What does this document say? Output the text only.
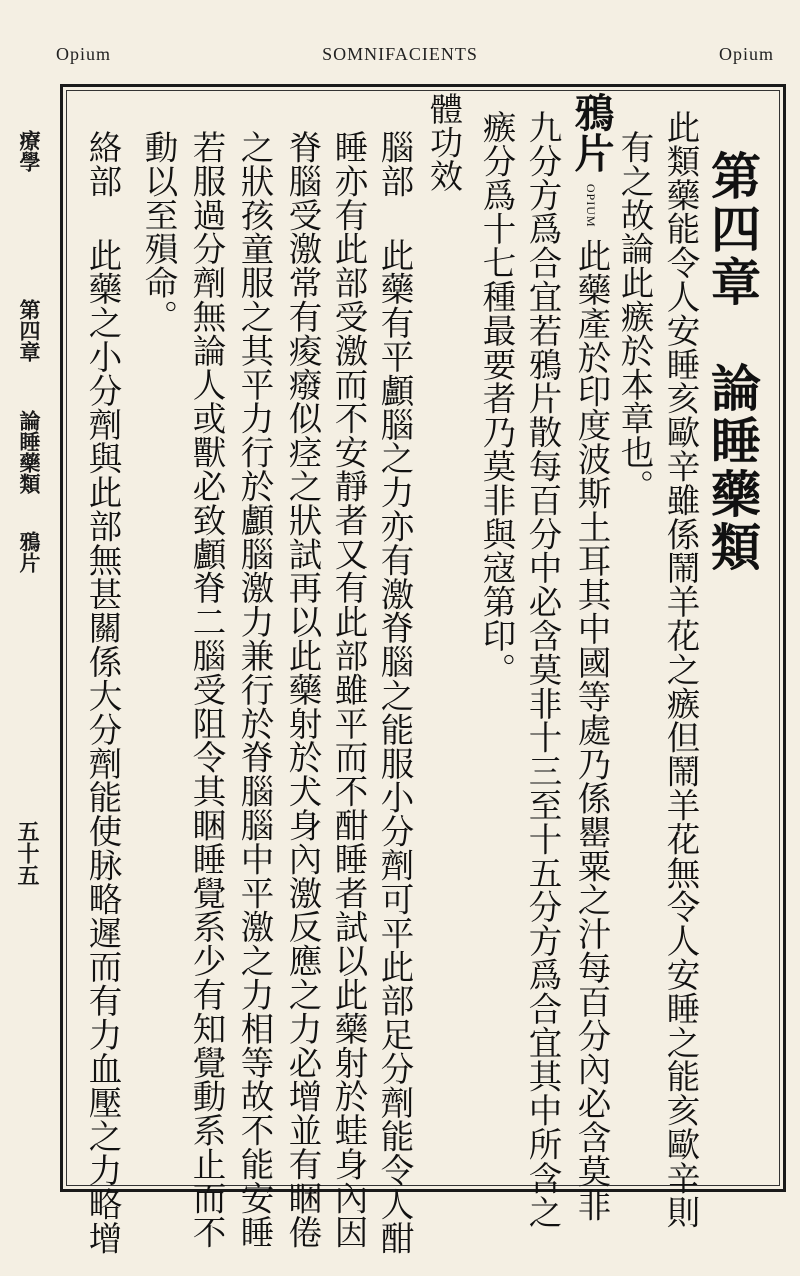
Opium	SOMNIFACIENTS	Opium
療學 第四章 論睡藥類 鴉片
五十五
第四章　論睡藥類
此類藥能令人安睡亥歐辛雖係鬧羊花之瘯但鬧羊花無令人安睡之能亥歐辛則
有之故論此瘯於本章也。
鴉片 OPIUM 此藥產於印度波斯土耳其中國等處乃係罌粟之汁每百分內必含莫非
九分方爲合宜若鴉片散每百分中必含莫非十三至十五分方爲合宜其中所含之
瘯分爲十七種最要者乃莫非與寇第印。
體功效
腦部此藥有平顱腦之力亦有激脊腦之能服小分劑可平此部足分劑能令人酣
睡亦有此部受激而不安靜者又有此部雖平而不酣睡者試以此藥射於蛙身內因
脊腦受激常有痠癈似痉之狀試再以此藥射於犬身內激反應之力必增並有睏倦
之狀孩童服之其平力行於顱腦激力兼行於脊腦腦中平激之力相等故不能安睡
若服過分劑無論人或獸必致顱脊二腦受阻令其睏睡覺系少有知覺動系止而不
動以至殞命。
絡部此藥之小分劑與此部無甚關係大分劑能使脉略遲而有力血壓之力略增
